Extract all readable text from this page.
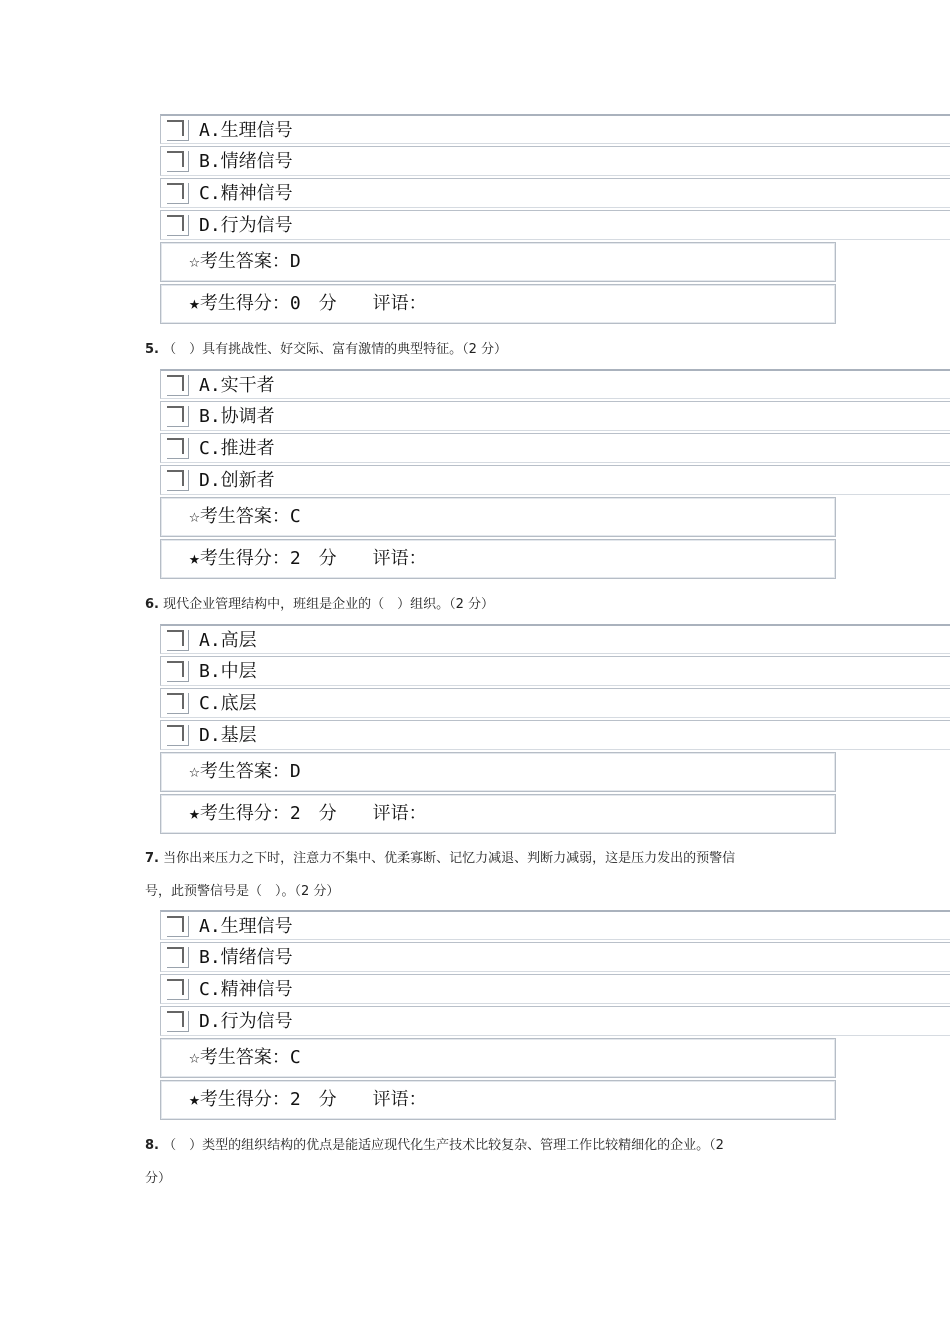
A.生理信号
B.情绪信号
C.精神信号
D.行为信号
☆考生答案：D
★考生得分：0　分　　评语：
5. （　）具有挑战性、好交际、富有激情的典型特征。（2 分）
A.实干者
B.协调者
C.推进者
D.创新者
☆考生答案：C
★考生得分：2　分　　评语：
6. 现代企业管理结构中，班组是企业的（　）组织。（2 分）
A.高层
B.中层
C.底层
D.基层
☆考生答案：D
★考生得分：2　分　　评语：
7. 当你出来压力之下时，注意力不集中、优柔寡断、记忆力减退、判断力减弱，这是压力发出的预警信
号，此预警信号是（　）。（2 分）
A.生理信号
B.情绪信号
C.精神信号
D.行为信号
☆考生答案：C
★考生得分：2　分　　评语：
8. （　）类型的组织结构的优点是能适应现代化生产技术比较复杂、管理工作比较精细化的企业。（2
分）
